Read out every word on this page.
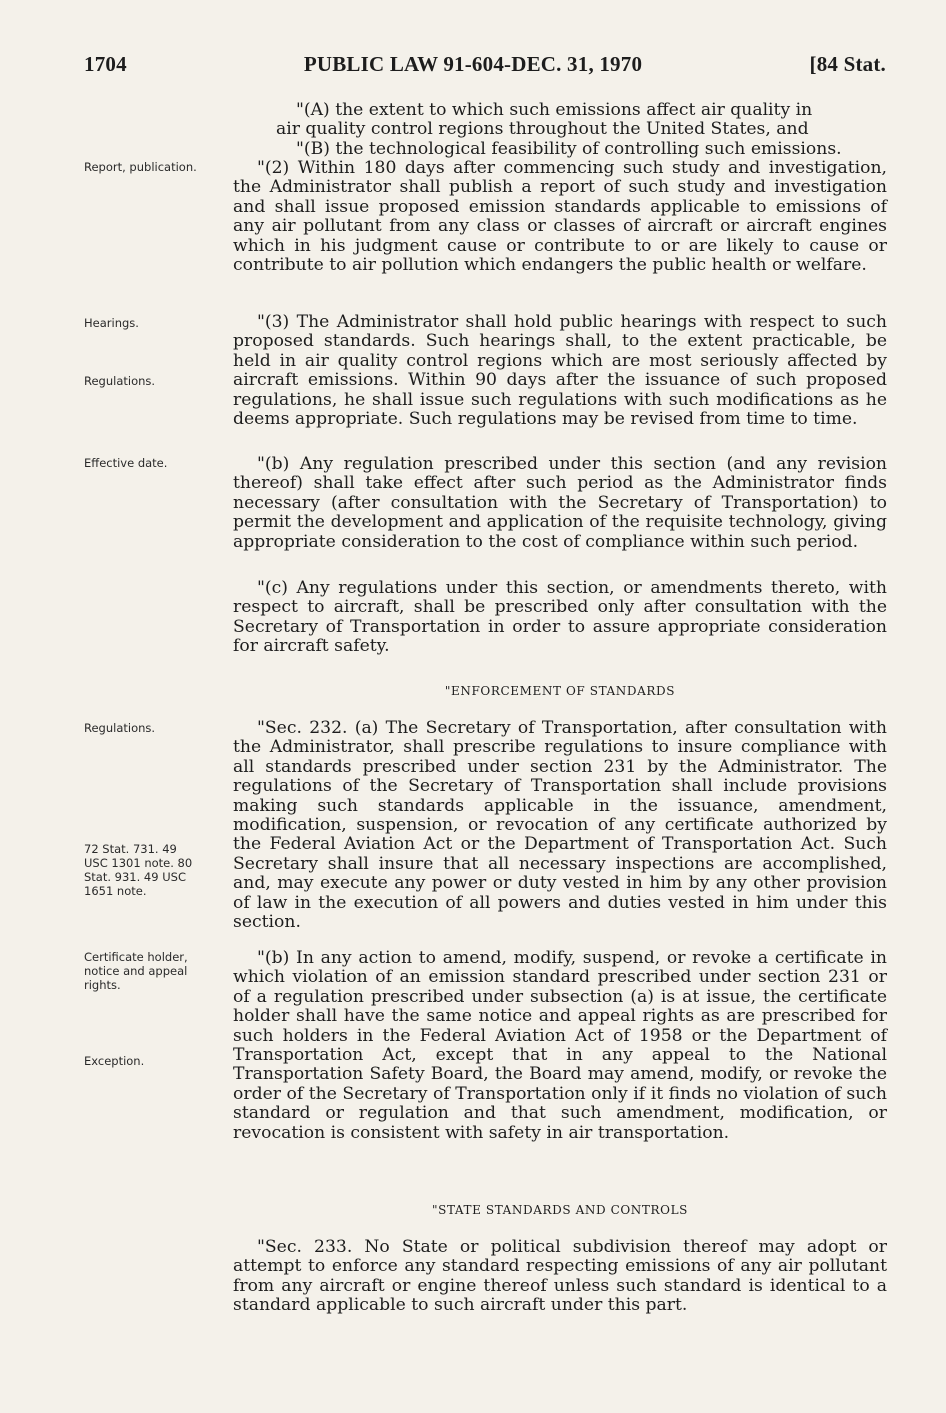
1704	PUBLIC LAW 91-604-DEC. 31, 1970	[84 Stat.
Report, publication.
Hearings.
Regulations.
Effective date.
Regulations.
72 Stat. 731. 49 USC 1301 note. 80 Stat. 931. 49 USC 1651 note.
Certificate holder, notice and appeal rights.
Exception.
"(A) the extent to which such emissions affect air quality in
air quality control regions throughout the United States, and
"(B) the technological feasibility of controlling such emissions.
"(2) Within 180 days after commencing such study and investigation, the Administrator shall publish a report of such study and investigation and shall issue proposed emission standards applicable to emissions of any air pollutant from any class or classes of aircraft or aircraft engines which in his judgment cause or contribute to or are likely to cause or contribute to air pollution which endangers the public health or welfare.
"(3) The Administrator shall hold public hearings with respect to such proposed standards. Such hearings shall, to the extent practicable, be held in air quality control regions which are most seriously affected by aircraft emissions. Within 90 days after the issuance of such proposed regulations, he shall issue such regulations with such modifications as he deems appropriate. Such regulations may be revised from time to time.
"(b) Any regulation prescribed under this section (and any revision thereof) shall take effect after such period as the Administrator finds necessary (after consultation with the Secretary of Transportation) to permit the development and application of the requisite technology, giving appropriate consideration to the cost of compliance within such period.
"(c) Any regulations under this section, or amendments thereto, with respect to aircraft, shall be prescribed only after consultation with the Secretary of Transportation in order to assure appropriate consideration for aircraft safety.
"ENFORCEMENT OF STANDARDS
"Sec. 232. (a) The Secretary of Transportation, after consultation with the Administrator, shall prescribe regulations to insure compliance with all standards prescribed under section 231 by the Administrator. The regulations of the Secretary of Transportation shall include provisions making such standards applicable in the issuance, amendment, modification, suspension, or revocation of any certificate authorized by the Federal Aviation Act or the Department of Transportation Act. Such Secretary shall insure that all necessary inspections are accomplished, and, may execute any power or duty vested in him by any other provision of law in the execution of all powers and duties vested in him under this section.
"(b) In any action to amend, modify, suspend, or revoke a certificate in which violation of an emission standard prescribed under section 231 or of a regulation prescribed under subsection (a) is at issue, the certificate holder shall have the same notice and appeal rights as are prescribed for such holders in the Federal Aviation Act of 1958 or the Department of Transportation Act, except that in any appeal to the National Transportation Safety Board, the Board may amend, modify, or revoke the order of the Secretary of Transportation only if it finds no violation of such standard or regulation and that such amendment, modification, or revocation is consistent with safety in air transportation.
"STATE STANDARDS AND CONTROLS
"Sec. 233. No State or political subdivision thereof may adopt or attempt to enforce any standard respecting emissions of any air pollutant from any aircraft or engine thereof unless such standard is identical to a standard applicable to such aircraft under this part.
